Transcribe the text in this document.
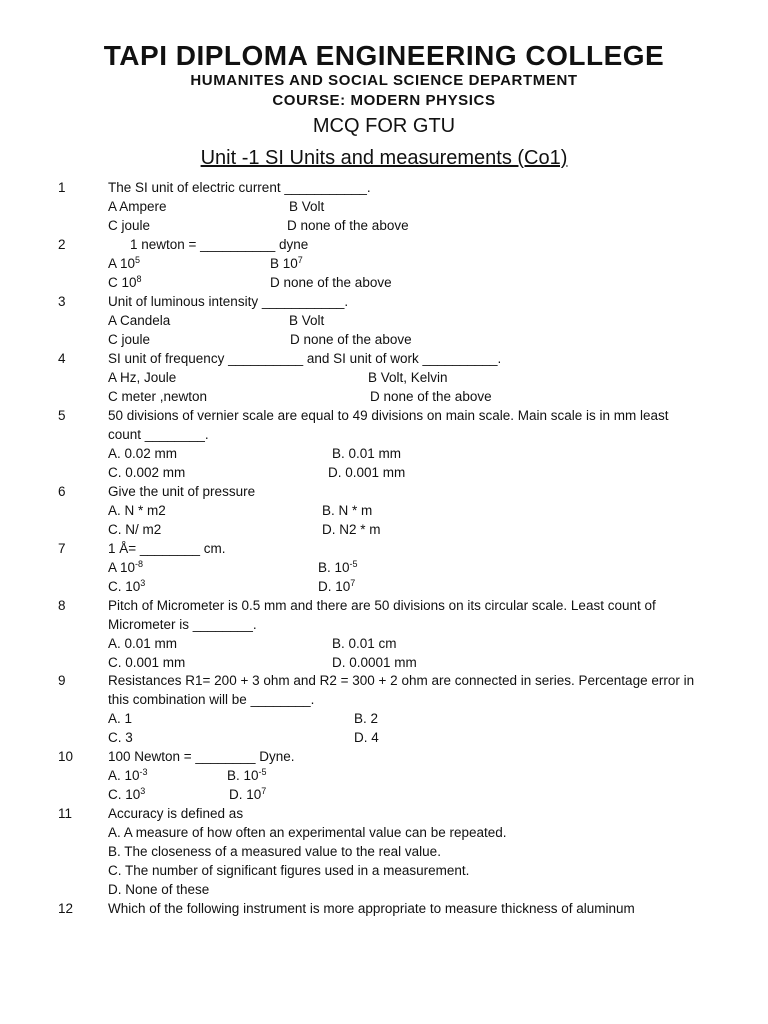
TAPI DIPLOMA ENGINEERING COLLEGE
HUMANITES AND SOCIAL SCIENCE DEPARTMENT
COURSE: MODERN PHYSICS
MCQ FOR GTU
Unit -1 SI Units and measurements (Co1)
1	The SI unit of electric current ___________.
A Ampere	B Volt
C joule	D none of the above
2	1 newton = __________ dyne
A $10^5$	B $10^7$
C $10^8$	D none of the above
3	Unit of luminous intensity ___________.
A Candela	B Volt
C joule	D none of the above
4	SI unit of frequency __________ and SI unit of work __________.
A Hz, Joule	B Volt, Kelvin
C meter ,newton	D none of the above
5	50 divisions of vernier scale are equal to 49 divisions on main scale. Main scale is in mm least
count ________.
A. 0.02 mm	B. 0.01 mm
C. 0.002 mm	D. 0.001 mm
6	Give the unit of pressure
A. N * m2	B. N * m
C. N/ m2	D. N2 * m
7	1 Å= ________ cm.
A $10^{-8}$	B. $10^{-5}$
C. $10^3$	D. $10^7$
8	Pitch of Micrometer is 0.5 mm and there are 50 divisions on its circular scale. Least count of
Micrometer is ________.
A. 0.01 mm	B. 0.01 cm
C. 0.001 mm	D. 0.0001 mm
9	Resistances R1= 200 + 3 ohm and R2 = 300 + 2 ohm are connected in series. Percentage error in
this combination will be ________.
A. 1	B. 2
C. 3	D. 4
10	100 Newton = ________ Dyne.
A. $10^{-3}$	B. $10^{-5}$
C. $10^3$	D. $10^7$
11	Accuracy is defined as
A. A measure of how often an experimental value can be repeated.
B. The closeness of a measured value to the real value.
C. The number of significant figures used in a measurement.
D. None of these
12	Which of the following instrument is more appropriate to measure thickness of aluminum
